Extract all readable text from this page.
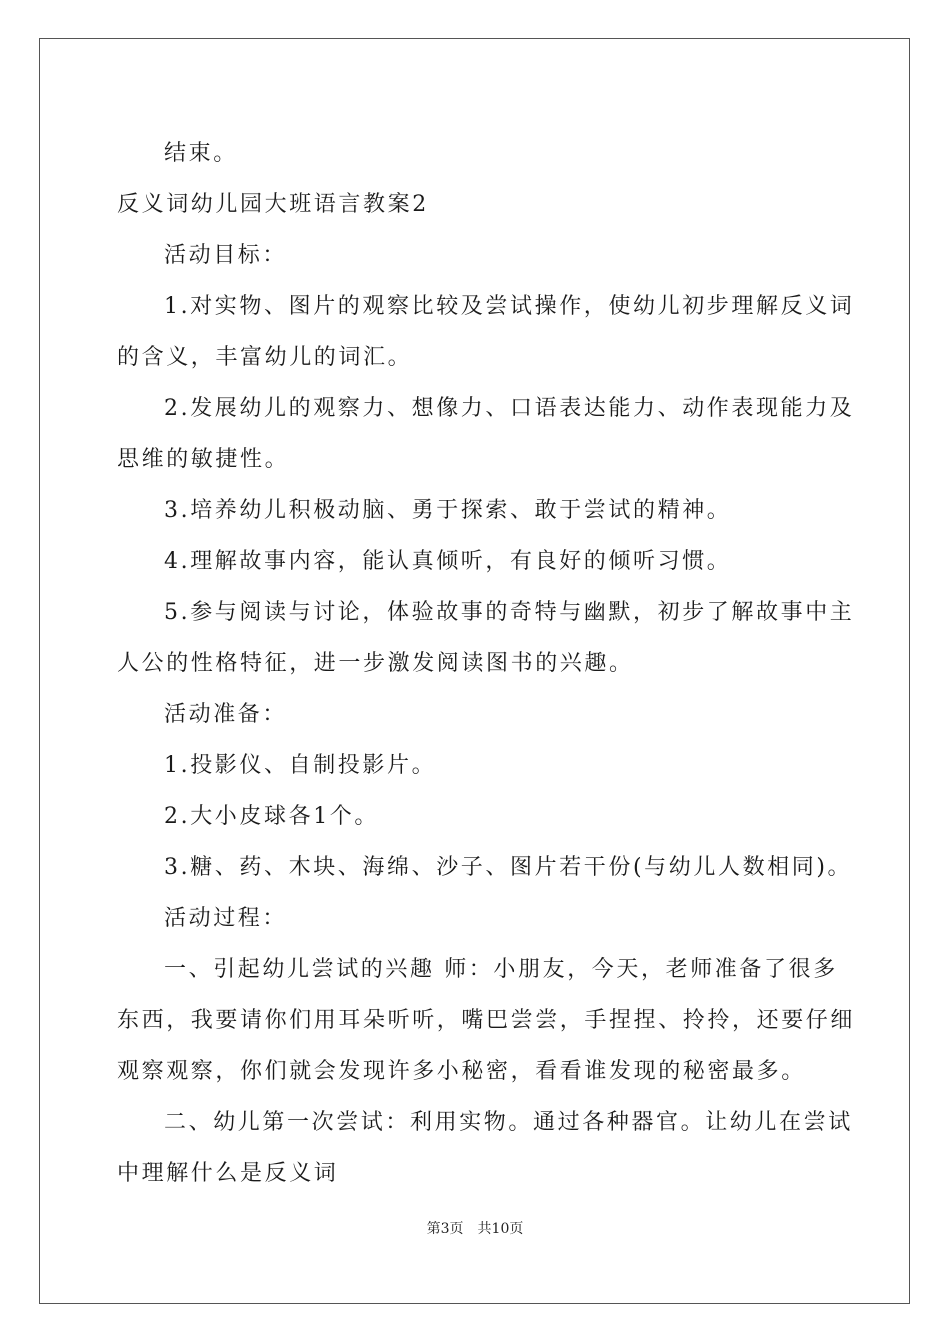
结束。
反义词幼儿园大班语言教案2
活动目标：
1.对实物、图片的观察比较及尝试操作，使幼儿初步理解反义词
的含义，丰富幼儿的词汇。
2.发展幼儿的观察力、想像力、口语表达能力、动作表现能力及
思维的敏捷性。
3.培养幼儿积极动脑、勇于探索、敢于尝试的精神。
4.理解故事内容，能认真倾听，有良好的倾听习惯。
5.参与阅读与讨论，体验故事的奇特与幽默，初步了解故事中主
人公的性格特征，进一步激发阅读图书的兴趣。
活动准备：
1.投影仪、自制投影片。
2.大小皮球各1个。
3.糖、药、木块、海绵、沙子、图片若干份(与幼儿人数相同)。
活动过程：
一、引起幼儿尝试的兴趣 师：小朋友，今天，老师准备了很多
东西，我要请你们用耳朵听听，嘴巴尝尝，手捏捏、拎拎，还要仔细
观察观察，你们就会发现许多小秘密，看看谁发现的秘密最多。
二、幼儿第一次尝试：利用实物。通过各种器官。让幼儿在尝试
中理解什么是反义词
第3页 共10页
